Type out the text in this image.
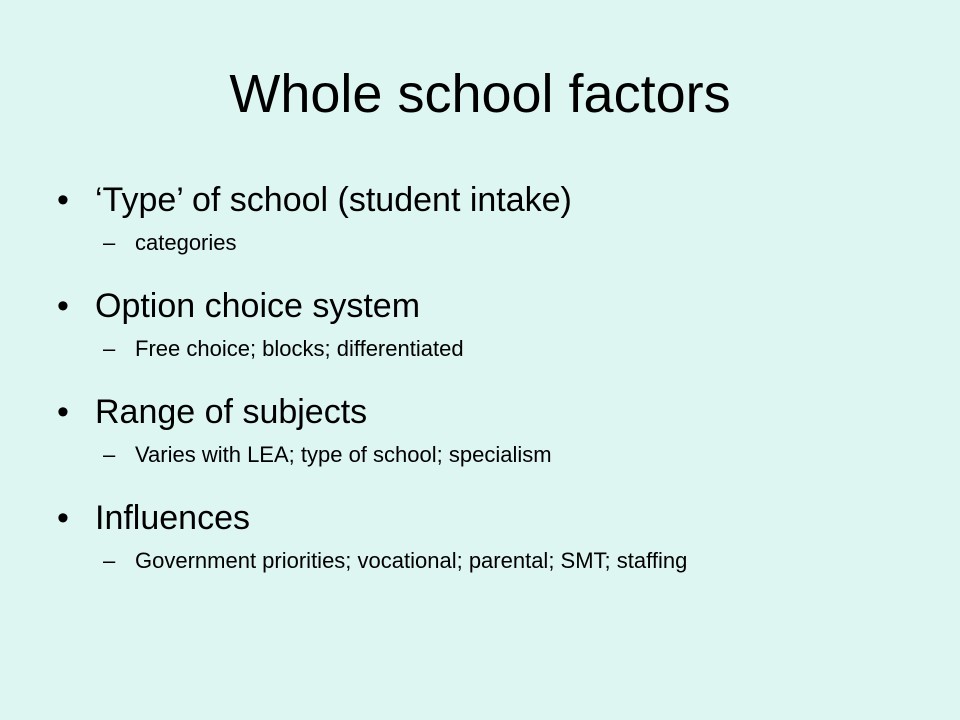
Whole school factors
• ‘Type’ of school (student intake)
– categories
• Option choice system
– Free choice; blocks; differentiated
• Range of subjects
– Varies with LEA; type of school; specialism
• Influences
– Government priorities; vocational; parental; SMT; staffing
